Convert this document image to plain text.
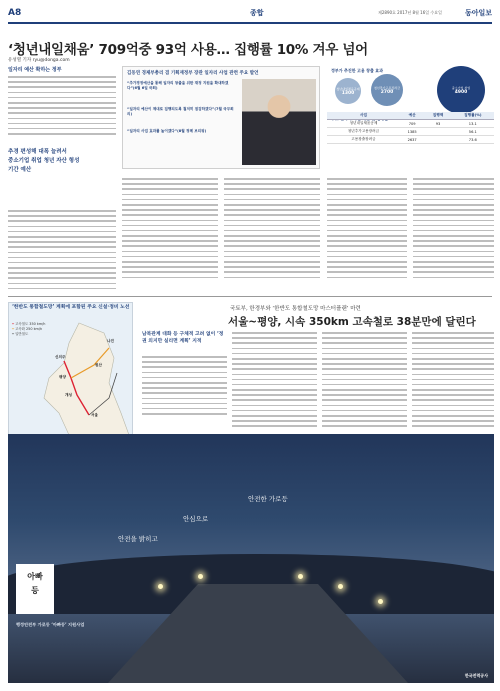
A8	종합	제2890호 2017년 8월 16일 수요일	동아일보
‘청년내일채움’ 709억중 93억 사용… 집행률 10% 겨우 넘어
유성열 기자 ryu@donga.com
일자리 예산 확하는 정부
추경 편성해 대폭 늘려서
중소기업 취업 청년 자산 형성
기간 예산
김동연 경제부총리 겸 기획재정부 장관 일자리 사업 관련 주요 발언
“추가경정예산을 통해 일자리 창출을 위한 재정 지원을 확대하겠다”(6월 6일 국회)
“일자리 예산이 제대로 집행되도록 철저히 점검하겠다”(7월 국무회의)
“일자리 사업 효과를 높이겠다”(8월 정례 브리핑)
정부가 추진한 고용 창출 효과
청년내일채움공제
1300
청년추가고용장려금
2700
중소기업 취업
4900
사업	예산	집행액	집행률(%)
청년내일채움공제	709	93	13.1
청년추가고용장려금	1385		56.1
고용창출장려금	2637		73.6
‘한반도 통합철도망’ 계획에 포함된 주요 신설·정비 노선
━ 고속철도 350 km/h
━ 고속화 250 km/h
━ 일반철도
신의주
평양
개성
서울
원산
나진
국토부, 한경부와 ‘한반도 통합철도망 마스터플랜’ 마련
서울~평양, 시속 350km 고속철로 38분만에 달린다
남북관계 대화 등 구체적 고려 없이 ‘정권 의지만 실리면 계획’ 지적
안전을 밝히고
안심으로
안전한 가로등
아빠
등
행정안전부 가로등 ‘아빠등’ 지원사업
한국전력공사
